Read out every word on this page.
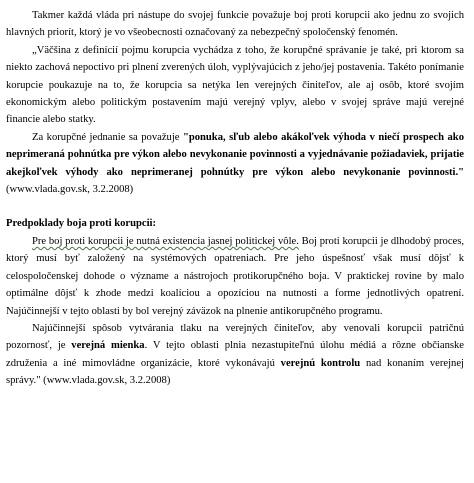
Takmer každá vláda pri nástupe do svojej funkcie považuje boj proti korupcii ako jednu zo svojich hlavných priorít, ktorý je vo všeobecnosti označovaný za nebezpečný spoločenský fenomén.

„Väčšina z definícií pojmu korupcia vychádza z toho, že korupčné správanie je také, pri ktorom sa niekto zachová nepoctivo pri plnení zverených úloh, vyplývajúcich z jeho/jej postavenia. Takéto ponímanie korupcie poukazuje na to, že korupcia sa netýka len verejných činiteľov, ale aj osôb, ktoré svojím ekonomickým alebo politickým postavením majú verejný vplyv, alebo v svojej správe majú verejné financie alebo statky.

Za korupčné jednanie sa považuje "ponuka, sľub alebo akákoľvek výhoda v niečí prospech ako neprimeraná pohnútka pre výkon alebo nevykonanie povinnosti a vyjednávanie požiadaviek, prijatie akejkoľvek výhody ako neprimeranej pohnútky pre výkon alebo nevykonanie povinnosti." (www.vlada.gov.sk, 3.2.2008)

Predpoklady boja proti korupcii:

Pre boj proti korupcii je nutná existencia jasnej politickej vôle. Boj proti korupcii je dlhodobý proces, ktorý musí byť založený na systémových opatreniach. Pre jeho úspešnosť však musí dôjsť k celospoločenskej dohode o význame a nástrojoch protikorupčného boja. V praktickej rovine by malo optimálne dôjsť k zhode medzi koalíciou a opozíciou na nutnosti a forme jednotlivých opatrení. Najúčinnejší v tejto oblasti by bol verejný záväzok na plnenie antikorupčného programu.

Najúčinnejší spôsob vytvárania tlaku na verejných činiteľov, aby venovali korupcii patričnú pozornosť, je verejná mienka. V tejto oblasti plnia nezastupiteľnú úlohu médiá a rôzne občianske združenia a iné mimovládne organizácie, ktoré vykonávajú verejnú kontrolu nad konaním verejnej správy." (www.vlada.gov.sk, 3.2.2008)
